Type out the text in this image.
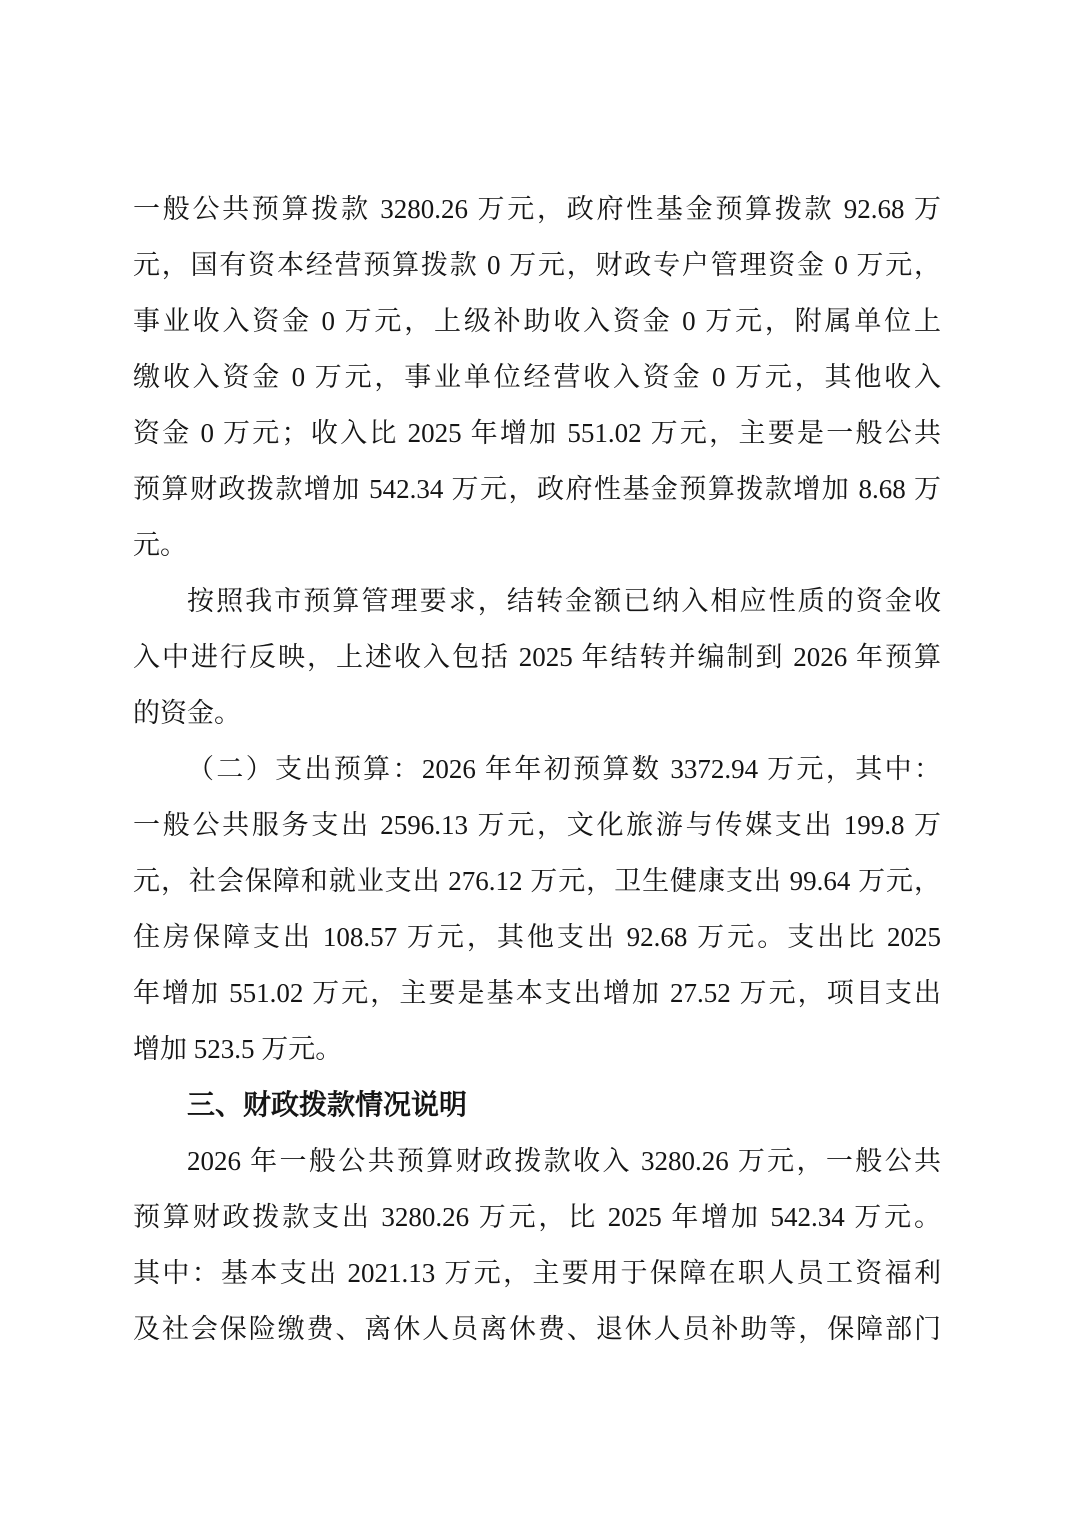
一般公共预算拨款 3280.26 万元，政府性基金预算拨款 92.68 万
元，国有资本经营预算拨款 0 万元，财政专户管理资金 0 万元，
事业收入资金 0 万元，上级补助收入资金 0 万元，附属单位上
缴收入资金 0 万元，事业单位经营收入资金 0 万元，其他收入
资金 0 万元；收入比 2025 年增加 551.02 万元，主要是一般公共
预算财政拨款增加 542.34 万元，政府性基金预算拨款增加 8.68 万
元。
按照我市预算管理要求，结转金额已纳入相应性质的资金收
入中进行反映，上述收入包括 2025 年结转并编制到 2026 年预算
的资金。
（二）支出预算：2026 年年初预算数 3372.94 万元，其中：
一般公共服务支出 2596.13 万元，文化旅游与传媒支出 199.8 万
元，社会保障和就业支出 276.12 万元，卫生健康支出 99.64 万元，
住房保障支出 108.57 万元，其他支出 92.68 万元。支出比 2025
年增加 551.02 万元，主要是基本支出增加 27.52 万元，项目支出
增加 523.5 万元。
三、财政拨款情况说明
2026 年一般公共预算财政拨款收入 3280.26 万元，一般公共
预算财政拨款支出 3280.26 万元，比 2025 年增加 542.34 万元。
其中：基本支出 2021.13 万元，主要用于保障在职人员工资福利
及社会保险缴费、离休人员离休费、退休人员补助等，保障部门
